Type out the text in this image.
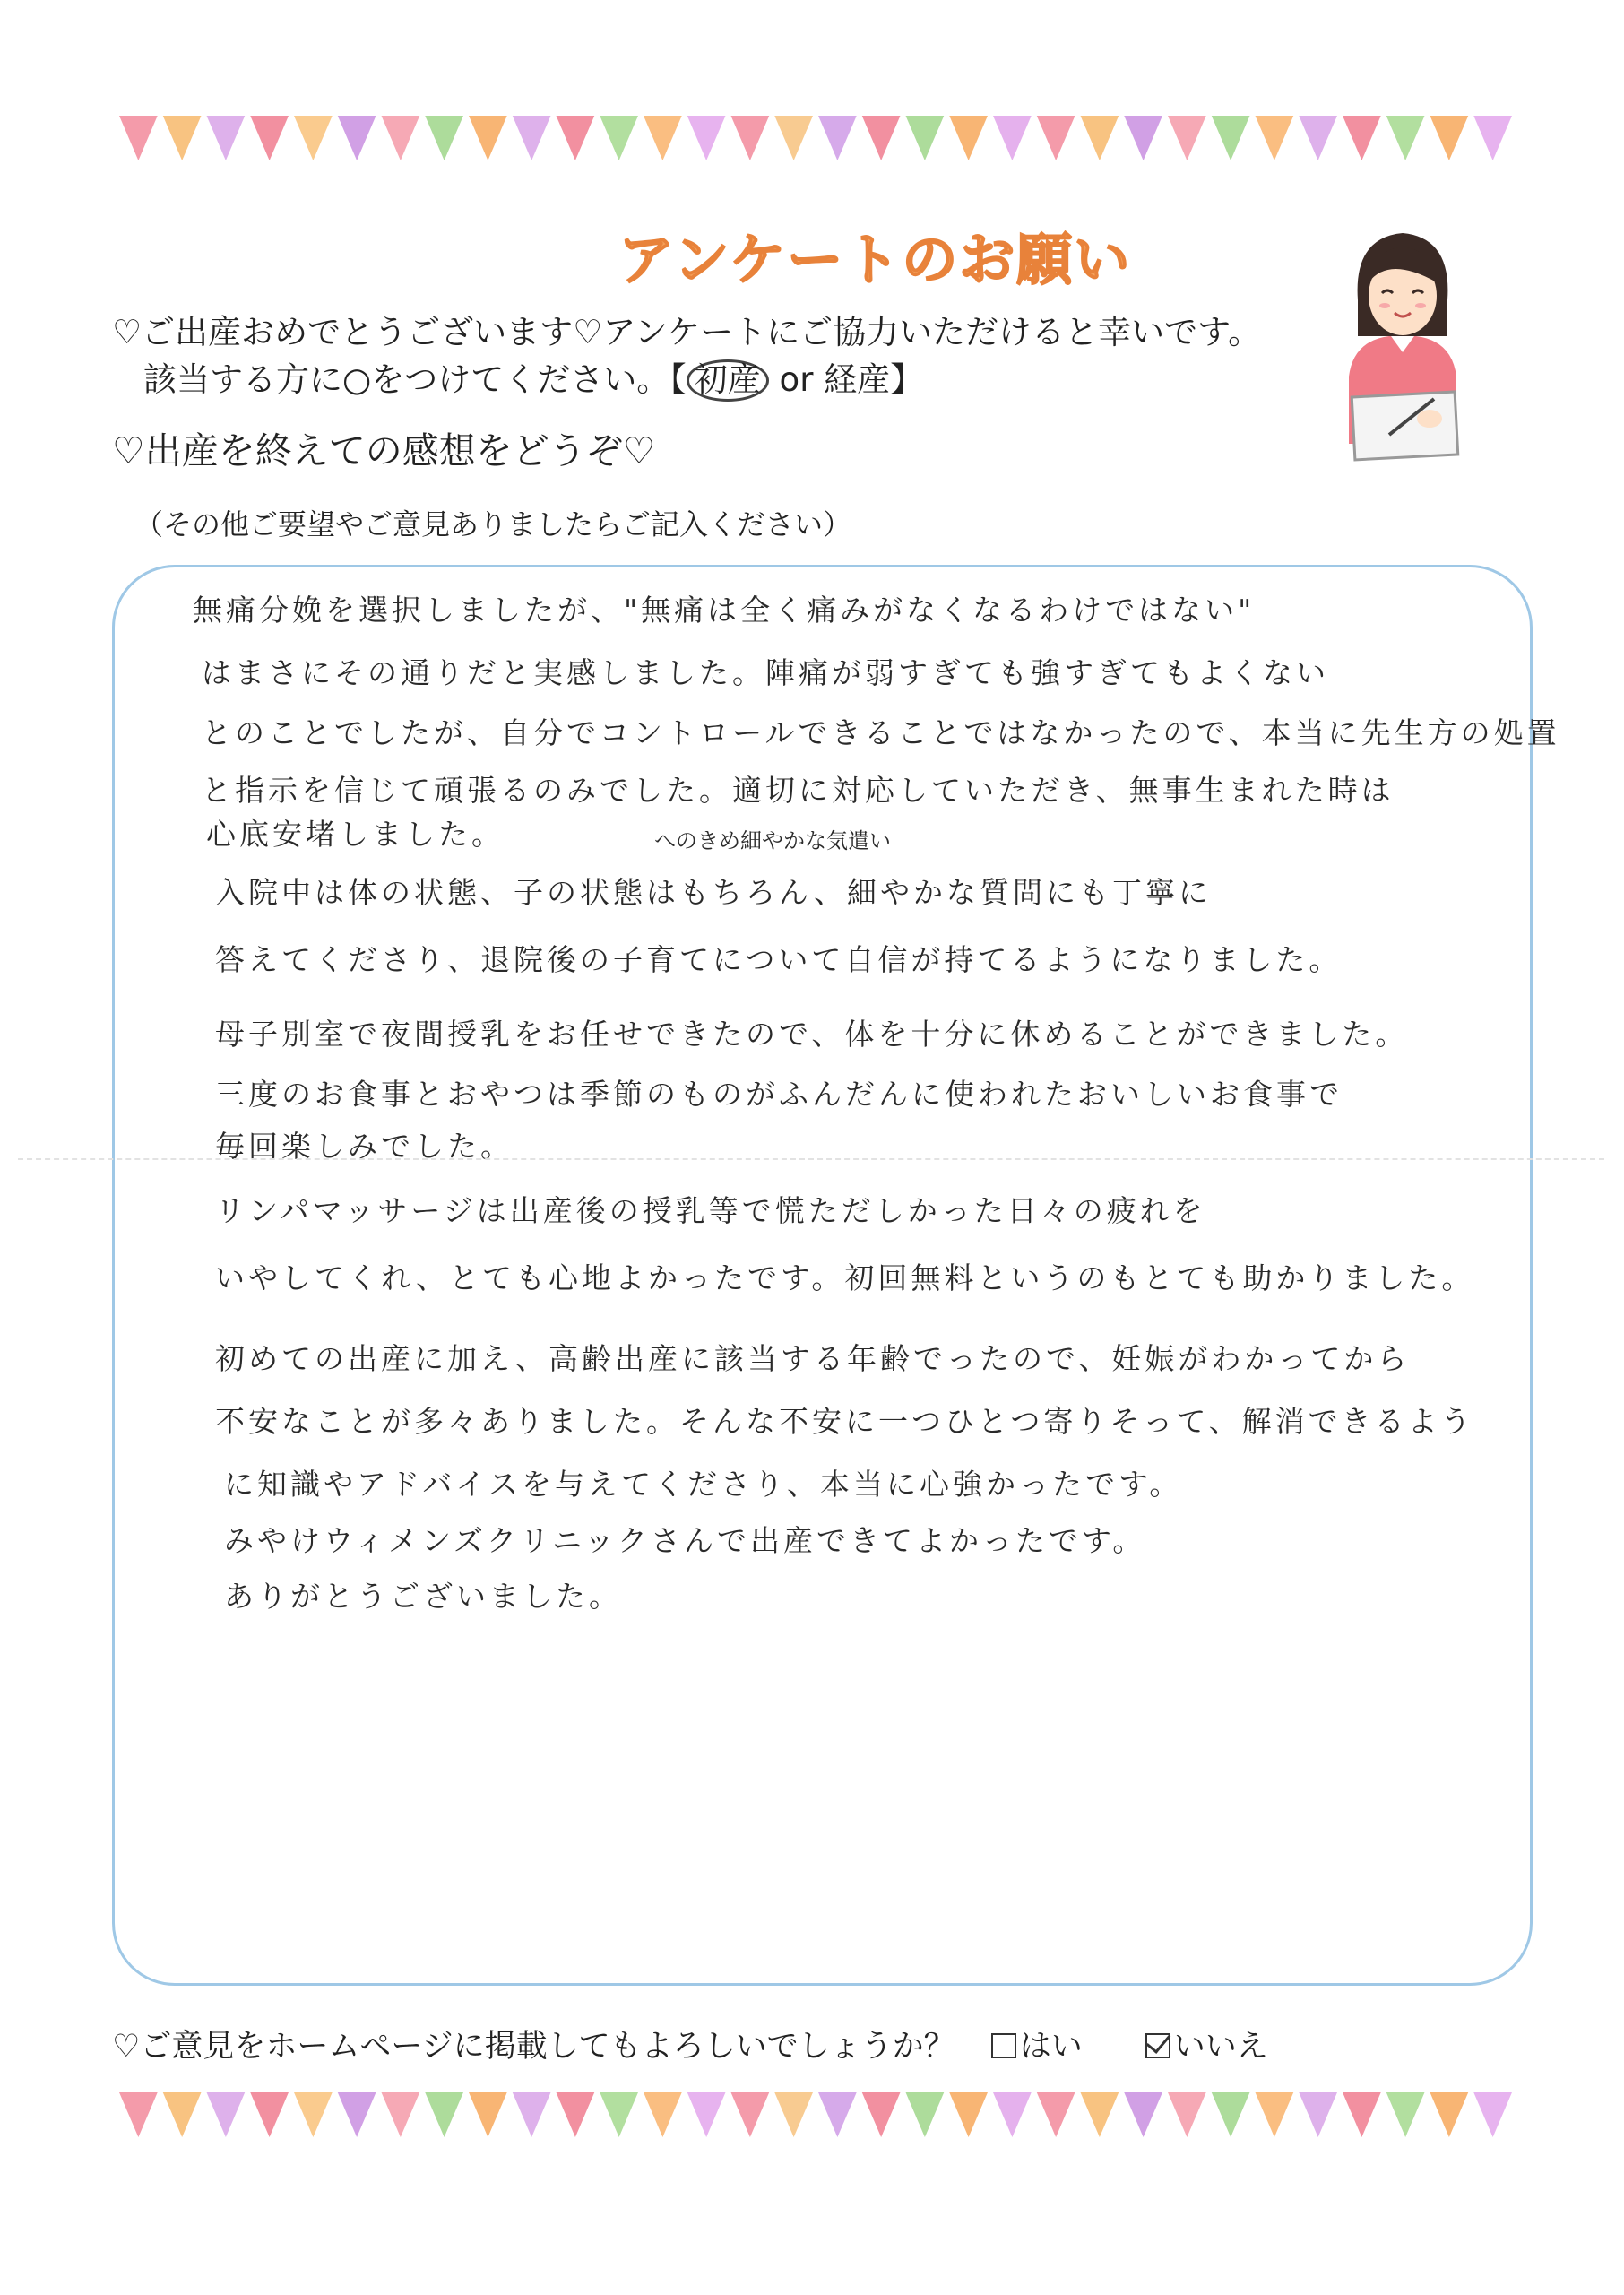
アンケートのお願い
♡ご出産おめでとうございます♡アンケートにご協力いただけると幸いです。
該当する方に○をつけてください。【 初産 or 経産】
♡出産を終えての感想をどうぞ♡
（その他ご要望やご意見ありましたらご記入ください）
へのきめ細やかな気遣い
無痛分娩を選択しましたが、"無痛は全く痛みがなくなるわけではない"
はまさにその通りだと実感しました。陣痛が弱すぎても強すぎてもよくない
とのことでしたが、自分でコントロールできることではなかったので、本当に先生方の処置
と指示を信じて頑張るのみでした。適切に対応していただき、無事生まれた時は
心底安堵しました。
入院中は体の状態、子の状態はもちろん、細やかな質問にも丁寧に
答えてくださり、退院後の子育てについて自信が持てるようになりました。
母子別室で夜間授乳をお任せできたので、体を十分に休めることができました。
三度のお食事とおやつは季節のものがふんだんに使われたおいしいお食事で
毎回楽しみでした。
リンパマッサージは出産後の授乳等で慌ただしかった日々の疲れを
いやしてくれ、とても心地よかったです。初回無料というのもとても助かりました。
初めての出産に加え、高齢出産に該当する年齢でったので、妊娠がわかってから
不安なことが多々ありました。そんな不安に一つひとつ寄りそって、解消できるよう
に知識やアドバイスを与えてくださり、本当に心強かったです。
みやけウィメンズクリニックさんで出産できてよかったです。
ありがとうございました。
♡ご意見をホームページに掲載してもよろしいでしょうか？ はい	いいえ
